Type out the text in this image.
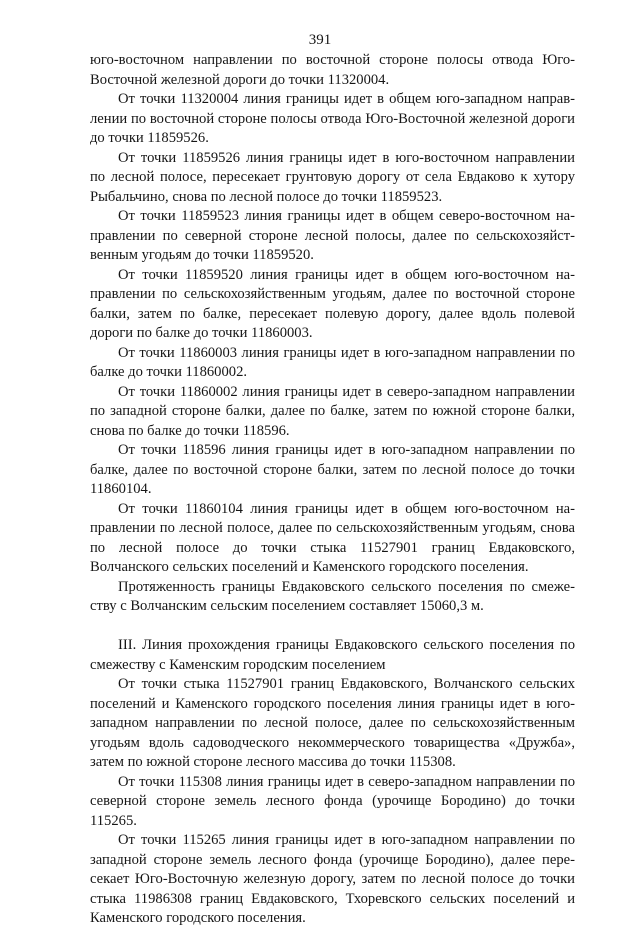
391

юго-восточном направлении по восточной стороне полосы отвода Юго-Восточной железной дороги до точки 11320004.

От точки 11320004 линия границы идет в общем юго-западном направлении по восточной стороне полосы отвода Юго-Восточной железной дороги до точки 11859526.

От точки 11859526 линия границы идет в юго-восточном направлении по лесной полосе, пересекает грунтовую дорогу от села Евдаково к хутору Рыбальчино, снова по лесной полосе до точки 11859523.

От точки 11859523 линия границы идет в общем северо-восточном направлении по северной стороне лесной полосы, далее по сельскохозяйственным угодьям до точки 11859520.

От точки 11859520 линия границы идет в общем юго-восточном направлении по сельскохозяйственным угодьям, далее по восточной стороне балки, затем по балке, пересекает полевую дорогу, далее вдоль полевой дороги по балке до точки 11860003.

От точки 11860003 линия границы идет в юго-западном направлении по балке до точки 11860002.

От точки 11860002 линия границы идет в северо-западном направлении по западной стороне балки, далее по балке, затем по южной стороне балки, снова по балке до точки 118596.

От точки 118596 линия границы идет в юго-западном направлении по балке, далее по восточной стороне балки, затем по лесной полосе до точки 11860104.

От точки 11860104 линия границы идет в общем юго-восточном направлении по лесной полосе, далее по сельскохозяйственным угодьям, снова по лесной полосе до точки стыка 11527901 границ Евдаковского, Волчанского сельских поселений и Каменского городского поселения.

Протяженность границы Евдаковского сельского поселения по смежеству с Волчанским сельским поселением составляет 15060,3 м.

III. Линия прохождения границы Евдаковского сельского поселения по смежеству с Каменским городским поселением

От точки стыка 11527901 границ Евдаковского, Волчанского сельских поселений и Каменского городского поселения линия границы идет в юго-западном направлении по лесной полосе, далее по сельскохозяйственным угодьям вдоль садоводческого некоммерческого товарищества «Дружба», затем по южной стороне лесного массива до точки 115308.

От точки 115308 линия границы идет в северо-западном направлении по северной стороне земель лесного фонда (урочище Бородино) до точки 115265.

От точки 115265 линия границы идет в юго-западном направлении по западной стороне земель лесного фонда (урочище Бородино), далее пересекает Юго-Восточную железную дорогу, затем по лесной полосе до точки стыка 11986308 границ Евдаковского, Тхоревского сельских поселений и Каменского городского поселения.
